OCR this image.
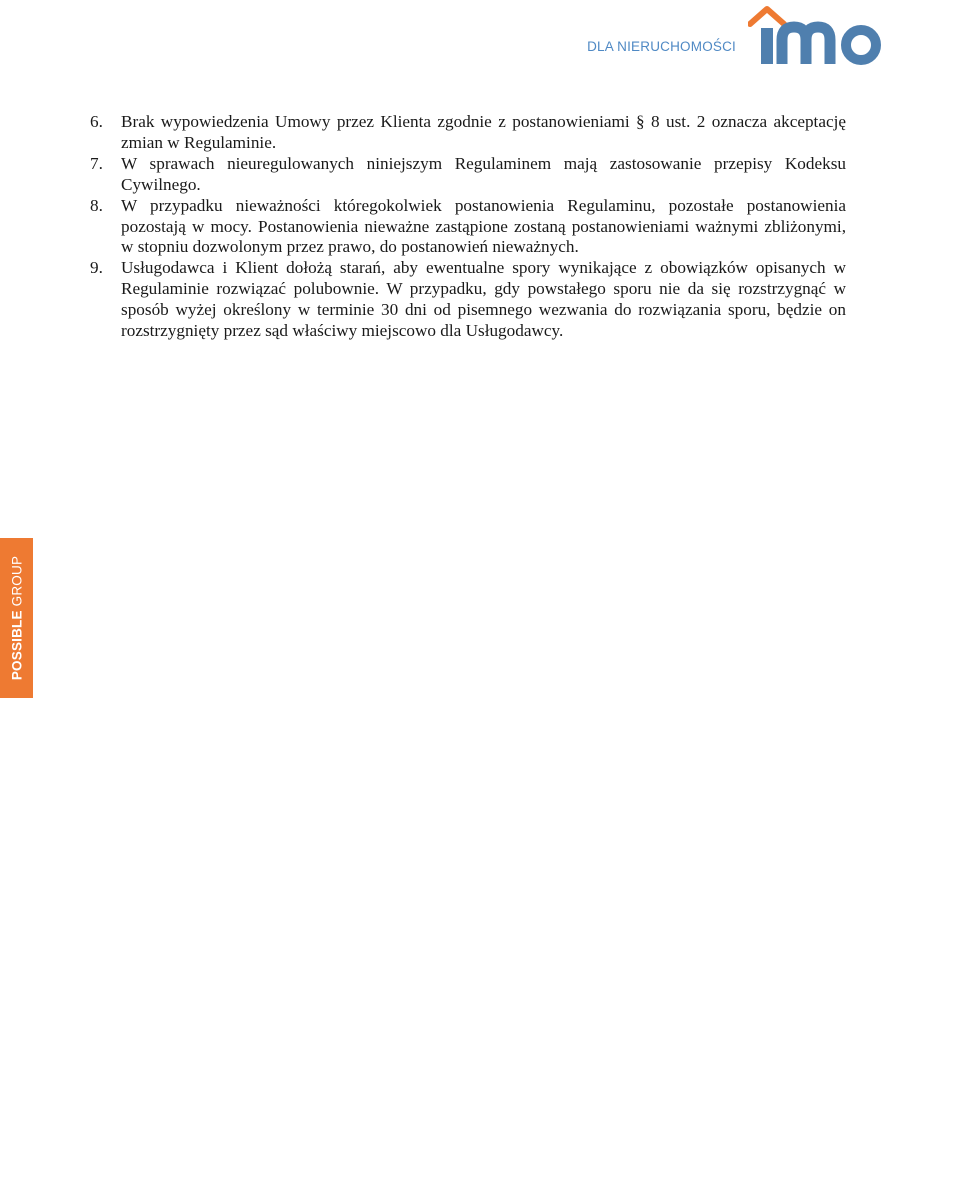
DLA NIERUCHOMOŚCI
6.	Brak wypowiedzenia Umowy przez Klienta zgodnie z postanowieniami § 8 ust. 2 oznacza akceptację zmian w Regulaminie.
7.	W sprawach nieuregulowanych niniejszym Regulaminem mają zastosowanie przepisy Kodeksu Cywilnego.
8.	W przypadku nieważności któregokolwiek postanowienia Regulaminu, pozostałe postanowienia pozostają w mocy. Postanowienia nieważne zastąpione zostaną postanowieniami ważnymi zbliżonymi, w stopniu dozwolonym przez prawo, do postanowień nieważnych.
9.	Usługodawca i Klient dołożą starań, aby ewentualne spory wynikające z obowiązków opisanych w Regulaminie rozwiązać polubownie. W przypadku, gdy powstałego sporu nie da się rozstrzygnąć w sposób wyżej określony w terminie 30 dni od pisemnego wezwania do rozwiązania sporu, będzie on rozstrzygnięty przez sąd właściwy miejscowo dla Usługodawcy.
POSSIBLE GROUP
